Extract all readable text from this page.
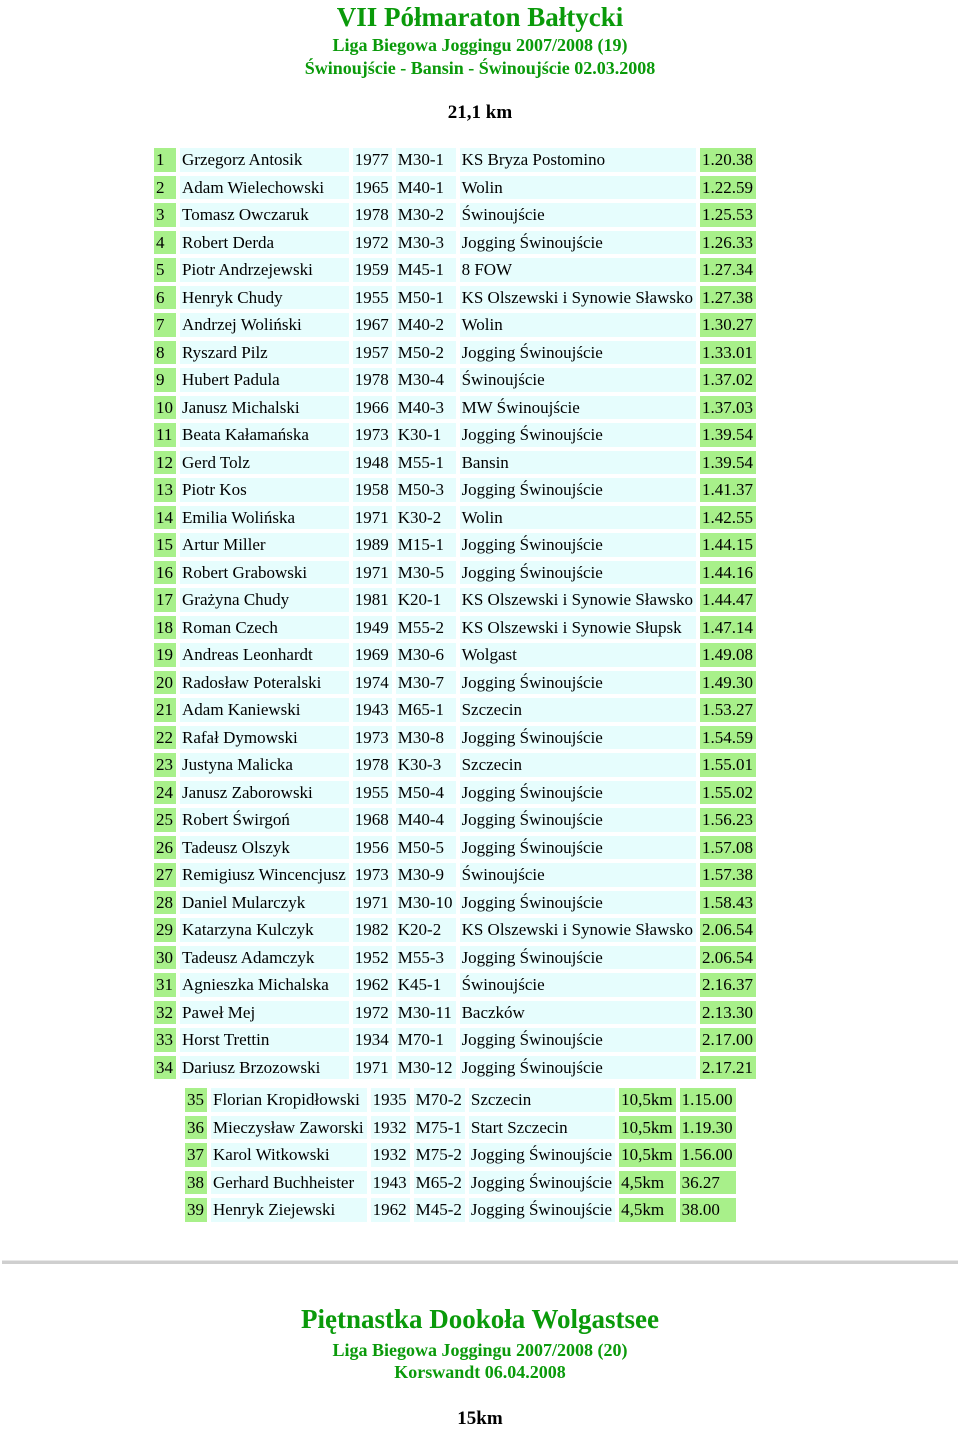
VII Półmaraton Bałtycki
Liga Biegowa Joggingu 2007/2008 (19)
Świnoujście - Bansin - Świnoujście 02.03.2008
21,1 km
1	Grzegorz Antosik	1977	M30-1	KS Bryza Postomino	1.20.38
2	Adam Wielechowski	1965	M40-1	Wolin	1.22.59
3	Tomasz Owczaruk	1978	M30-2	Świnoujście	1.25.53
4	Robert Derda	1972	M30-3	Jogging Świnoujście	1.26.33
5	Piotr Andrzejewski	1959	M45-1	8 FOW	1.27.34
6	Henryk Chudy	1955	M50-1	KS Olszewski i Synowie Sławsko	1.27.38
7	Andrzej Woliński	1967	M40-2	Wolin	1.30.27
8	Ryszard Pilz	1957	M50-2	Jogging Świnoujście	1.33.01
9	Hubert Padula	1978	M30-4	Świnoujście	1.37.02
10	Janusz Michalski	1966	M40-3	MW Świnoujście	1.37.03
11	Beata Kałamańska	1973	K30-1	Jogging Świnoujście	1.39.54
12	Gerd Tolz	1948	M55-1	Bansin	1.39.54
13	Piotr Kos	1958	M50-3	Jogging Świnoujście	1.41.37
14	Emilia Wolińska	1971	K30-2	Wolin	1.42.55
15	Artur Miller	1989	M15-1	Jogging Świnoujście	1.44.15
16	Robert Grabowski	1971	M30-5	Jogging Świnoujście	1.44.16
17	Grażyna Chudy	1981	K20-1	KS Olszewski i Synowie Sławsko	1.44.47
18	Roman Czech	1949	M55-2	KS Olszewski i Synowie Słupsk	1.47.14
19	Andreas Leonhardt	1969	M30-6	Wolgast	1.49.08
20	Radosław Poteralski	1974	M30-7	Jogging Świnoujście	1.49.30
21	Adam Kaniewski	1943	M65-1	Szczecin	1.53.27
22	Rafał Dymowski	1973	M30-8	Jogging Świnoujście	1.54.59
23	Justyna Malicka	1978	K30-3	Szczecin	1.55.01
24	Janusz Zaborowski	1955	M50-4	Jogging Świnoujście	1.55.02
25	Robert Świrgoń	1968	M40-4	Jogging Świnoujście	1.56.23
26	Tadeusz Olszyk	1956	M50-5	Jogging Świnoujście	1.57.08
27	Remigiusz Wincencjusz	1973	M30-9	Świnoujście	1.57.38
28	Daniel Mularczyk	1971	M30-10	Jogging Świnoujście	1.58.43
29	Katarzyna Kulczyk	1982	K20-2	KS Olszewski i Synowie Sławsko	2.06.54
30	Tadeusz Adamczyk	1952	M55-3	Jogging Świnoujście	2.06.54
31	Agnieszka Michalska	1962	K45-1	Świnoujście	2.16.37
32	Paweł Mej	1972	M30-11	Baczków	2.13.30
33	Horst Trettin	1934	M70-1	Jogging Świnoujście	2.17.00
34	Dariusz Brzozowski	1971	M30-12	Jogging Świnoujście	2.17.21
35	Florian Kropidłowski	1935	M70-2	Szczecin	10,5km	1.15.00
36	Mieczysław Zaworski	1932	M75-1	Start Szczecin	10,5km	1.19.30
37	Karol Witkowski	1932	M75-2	Jogging Świnoujście	10,5km	1.56.00
38	Gerhard Buchheister	1943	M65-2	Jogging Świnoujście	4,5km	36.27
39	Henryk Ziejewski	1962	M45-2	Jogging Świnoujście	4,5km	38.00
Piętnastka Dookoła Wolgastsee
Liga Biegowa Joggingu 2007/2008 (20)
Korswandt 06.04.2008
15km
